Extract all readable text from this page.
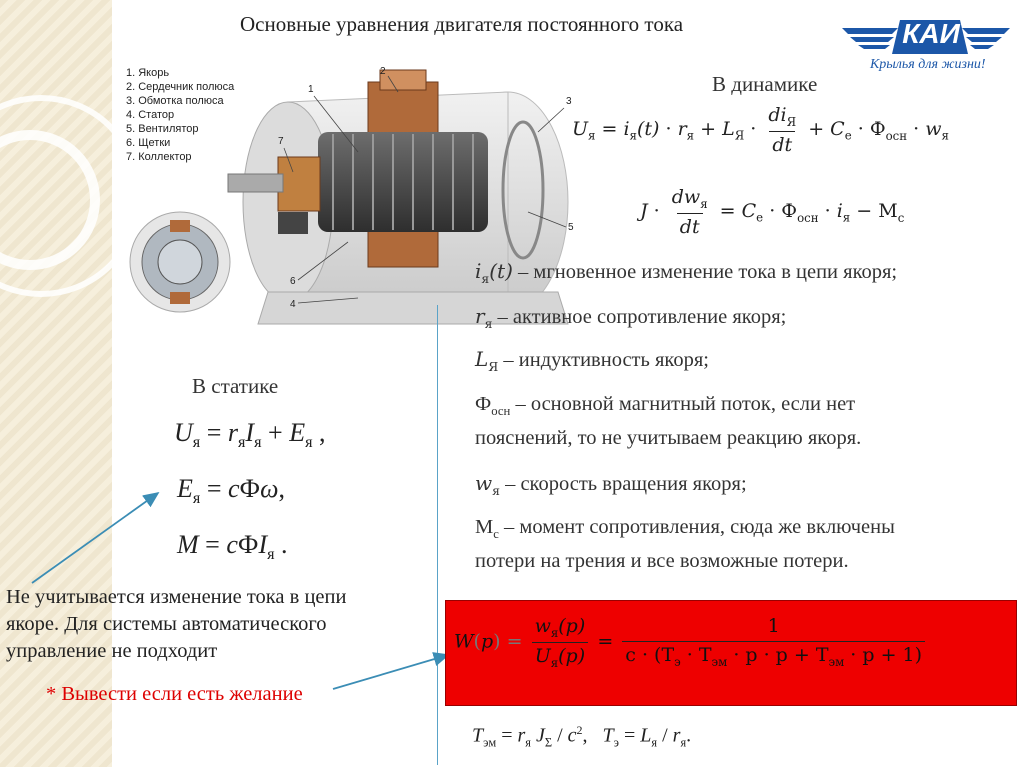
Основные уравнения двигателя постоянного тока	КАИ
Крылья для жизни!
1. Якорь
2. Сердечник полюса
3. Обмотка полюса
4. Статор
5. Вентилятор
6. Щетки
7. Коллектор
2
3
1
7
5
6
4
В динамике
$U_я = i_я(t) \cdot r_я + L_Я \cdot \frac{di_Я}{dt} + C_е \cdot Ф_{осн} \cdot w_я$
$J \cdot \frac{dw_я}{dt} = C_е \cdot Ф_{осн} \cdot i_я - М_с$
$i_я(t)$ – мгновенное изменение тока в цепи якоря;
$r_я$ – активное сопротивление якоря;
$L_Я$ – индуктивность якоря;
$Ф_{осн}$ – основной магнитный поток, если нет
пояснений, то не учитываем реакцию якоря.
$w_я$ – скорость вращения якоря;
$М_с$ – момент сопротивления, сюда же включены
потери на трения и все возможные потери.
В статике
$U_я = r_яI_я + E_я$ ,
$E_я = cФ\omega$,
M = cФI$_я$ .
Не учитывается изменение тока в цепи
якоре. Для системы автоматического
управление не подходит
* Вывести если есть желание
$W(p) = \frac{w_я(p)}{U_я(p)} = \frac{1}{c \cdot (T_э \cdot T_{эм} \cdot p \cdot p + T_{эм} \cdot p + 1)}$
$T_{эм} = r_я$ $J_\Sigma / c^2$,   $T_э = L_я / r_я$.
